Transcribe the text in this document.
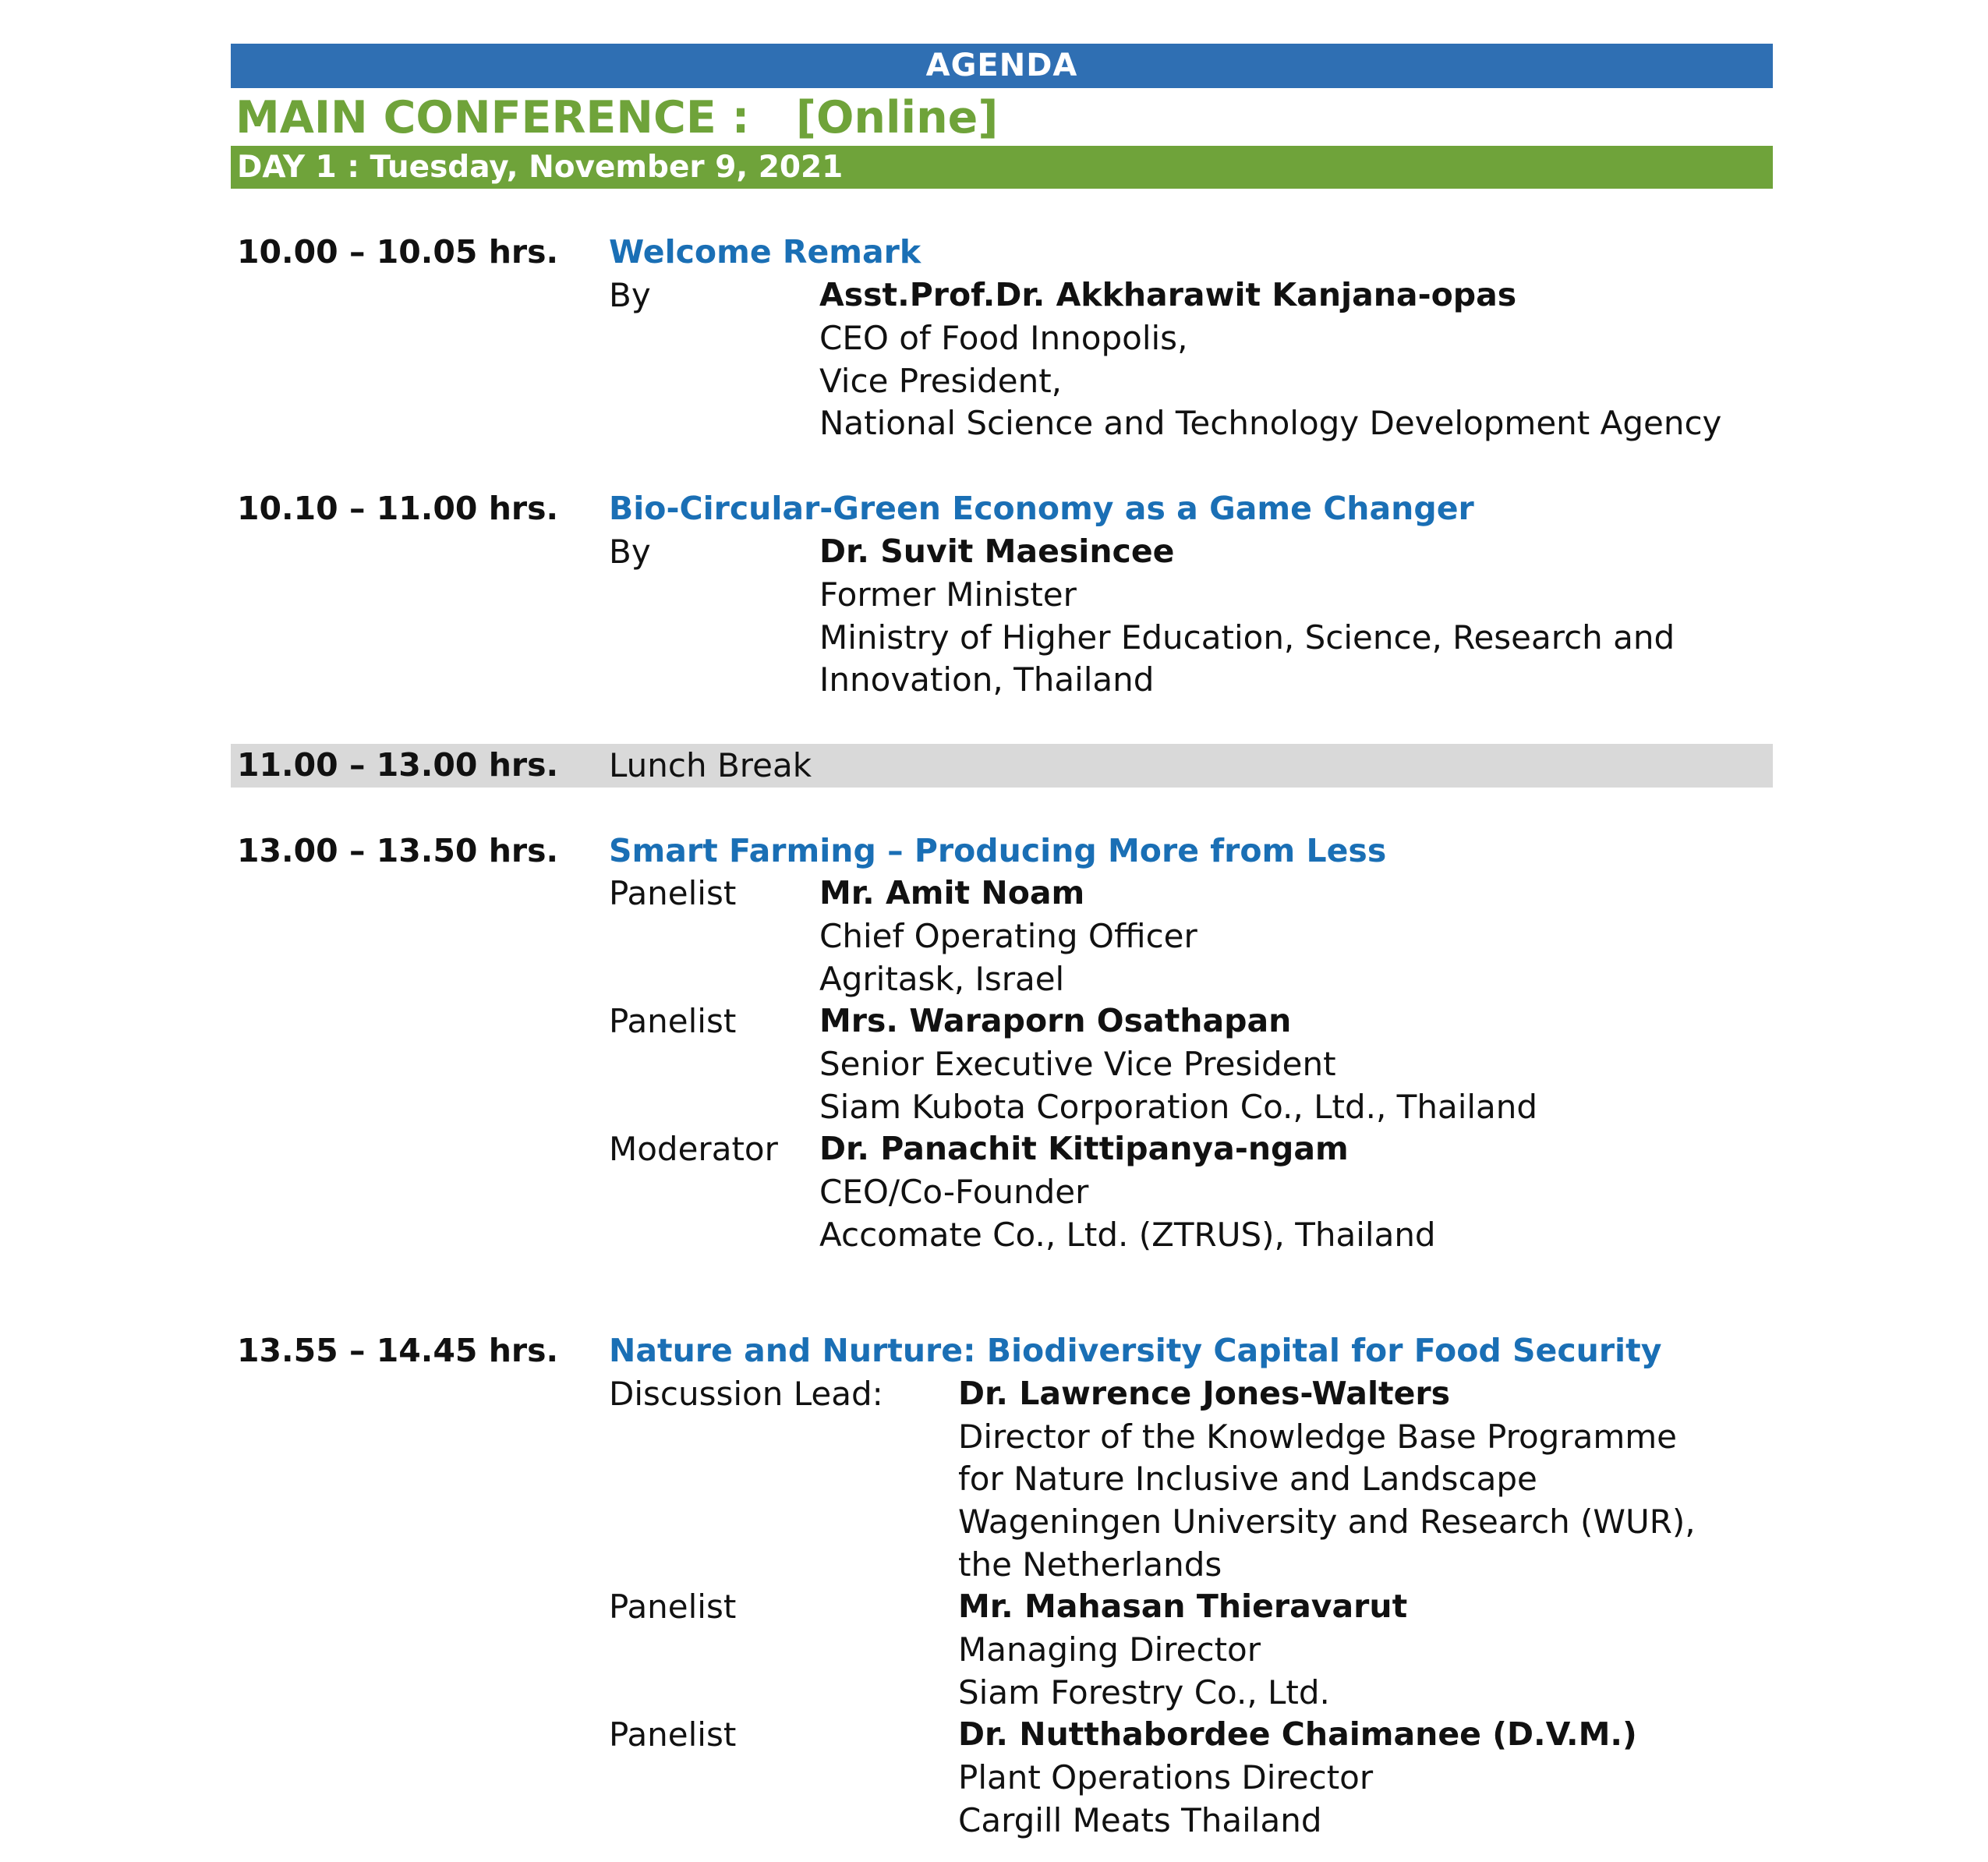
AGENDA
MAIN CONFERENCE :   [Online]
DAY 1 : Tuesday, November 9, 2021
10.00 – 10.05 hrs. Welcome Remark
By	Asst.Prof.Dr. Akkharawit Kanjana-opas
CEO of Food Innopolis,
Vice President,
National Science and Technology Development Agency
10.10 – 11.00 hrs. Bio-Circular-Green Economy as a Game Changer
By	Dr. Suvit Maesincee
Former Minister
Ministry of Higher Education, Science, Research and
Innovation, Thailand
11.00 – 13.00 hrs. Lunch Break
13.00 – 13.50 hrs. Smart Farming – Producing More from Less
Panelist	Mr. Amit Noam
Chief Operating Officer
Agritask, Israel
Panelist	Mrs. Waraporn Osathapan
Senior Executive Vice President
Siam Kubota Corporation Co., Ltd., Thailand
Moderator Dr. Panachit Kittipanya-ngam
CEO/Co-Founder
Accomate Co., Ltd. (ZTRUS), Thailand
13.55 – 14.45 hrs. Nature and Nurture: Biodiversity Capital for Food Security
Discussion Lead: Dr. Lawrence Jones-Walters
Director of the Knowledge Base Programme
for Nature Inclusive and Landscape
Wageningen University and Research (WUR),
the Netherlands
Panelist	Mr. Mahasan Thieravarut
Managing Director
Siam Forestry Co., Ltd.
Panelist	Dr. Nutthabordee Chaimanee (D.V.M.)
Plant Operations Director
Cargill Meats Thailand
